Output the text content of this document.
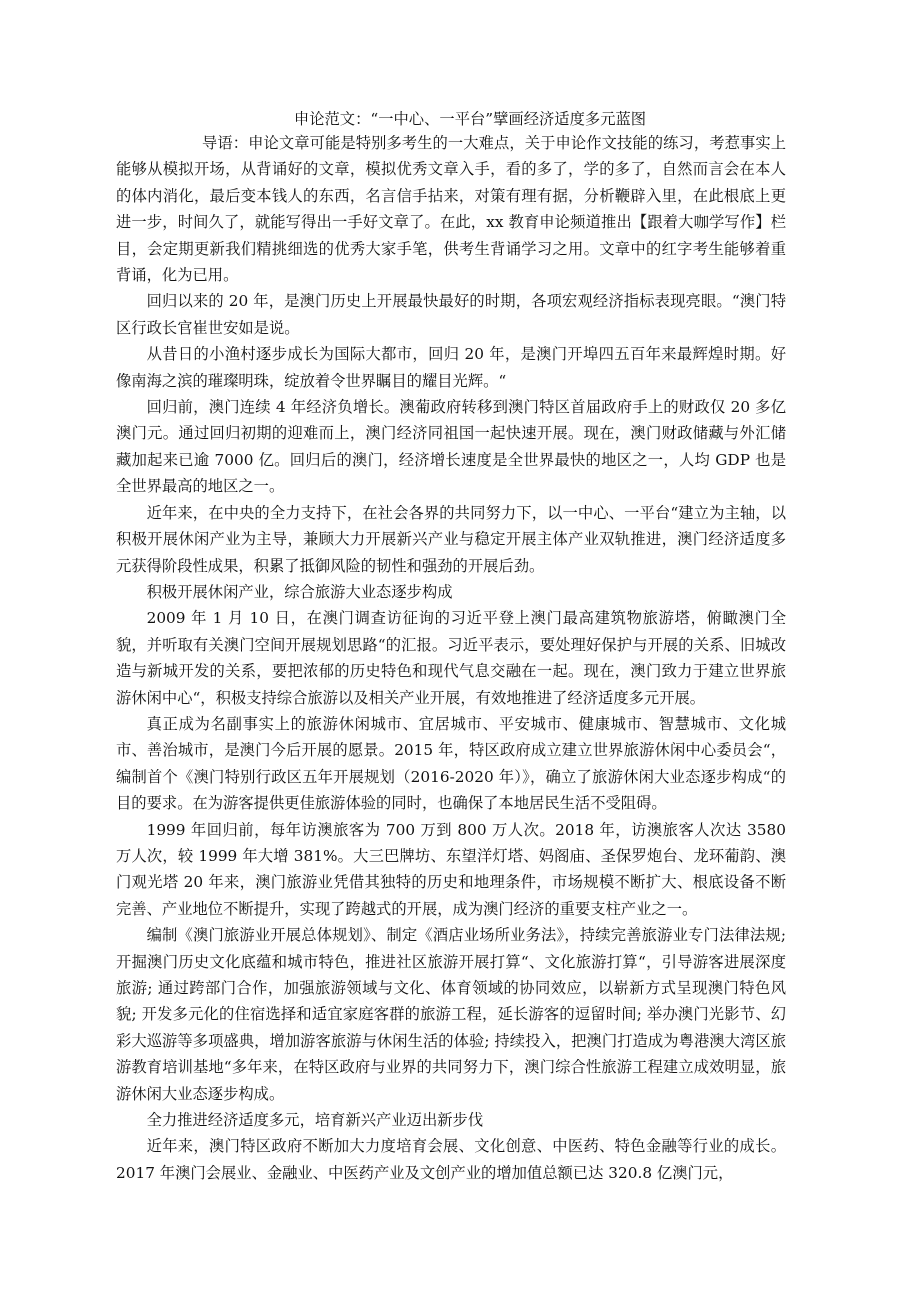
申论范文：“一中心、一平台”擘画经济适度多元蓝图

导语：申论文章可能是特别多考生的一大难点，关于申论作文技能的练习，考惹事实上能够从模拟开场，从背诵好的文章，模拟优秀文章入手，看的多了，学的多了，自然而言会在本人的体内消化，最后变本钱人的东西，名言信手拈来，对策有理有据，分析鞭辟入里，在此根底上更进一步，时间久了，就能写得出一手好文章了。在此，xx 教育申论频道推出【跟着大咖学写作】栏目，会定期更新我们精挑细选的优秀大家手笔，供考生背诵学习之用。文章中的红字考生能够着重背诵，化为已用。

回归以来的 20 年，是澳门历史上开展最快最好的时期，各项宏观经济指标表现亮眼。“澳门特区行政长官崔世安如是说。

从昔日的小渔村逐步成长为国际大都市，回归 20 年，是澳门开埠四五百年来最辉煌时期。好像南海之滨的璀璨明珠，绽放着令世界瞩目的耀目光辉。“

回归前，澳门连续 4 年经济负增长。澳葡政府转移到澳门特区首届政府手上的财政仅 20 多亿澳门元。通过回归初期的迎难而上，澳门经济同祖国一起快速开展。现在，澳门财政储藏与外汇储藏加起来已逾 7000 亿。回归后的澳门，经济增长速度是全世界最快的地区之一，人均 GDP 也是全世界最高的地区之一。

近年来，在中央的全力支持下，在社会各界的共同努力下，以一中心、一平台“建立为主轴，以积极开展休闲产业为主导，兼顾大力开展新兴产业与稳定开展主体产业双轨推进，澳门经济适度多元获得阶段性成果，积累了抵御风险的韧性和强劲的开展后劲。

积极开展休闲产业，综合旅游大业态逐步构成

2009 年 1 月 10 日，在澳门调查访征询的习近平登上澳门最高建筑物旅游塔，俯瞰澳门全貌，并听取有关澳门空间开展规划思路“的汇报。习近平表示，要处理好保护与开展的关系、旧城改造与新城开发的关系，要把浓郁的历史特色和现代气息交融在一起。现在，澳门致力于建立世界旅游休闲中心“，积极支持综合旅游以及相关产业开展，有效地推进了经济适度多元开展。

真正成为名副事实上的旅游休闲城市、宜居城市、平安城市、健康城市、智慧城市、文化城市、善治城市，是澳门今后开展的愿景。2015 年，特区政府成立建立世界旅游休闲中心委员会“，编制首个《澳门特别行政区五年开展规划（2016-2020 年）》，确立了旅游休闲大业态逐步构成“的目的要求。在为游客提供更佳旅游体验的同时，也确保了本地居民生活不受阻碍。

1999 年回归前，每年访澳旅客为 700 万到 800 万人次。2018 年，访澳旅客人次达 3580 万人次，较 1999 年大增 381%。大三巴牌坊、东望洋灯塔、妈阁庙、圣保罗炮台、龙环葡韵、澳门观光塔 20 年来，澳门旅游业凭借其独特的历史和地理条件，市场规模不断扩大、根底设备不断完善、产业地位不断提升，实现了跨越式的开展，成为澳门经济的重要支柱产业之一。

编制《澳门旅游业开展总体规划》、制定《酒店业场所业务法》，持续完善旅游业专门法律法规; 开掘澳门历史文化底蕴和城市特色，推进社区旅游开展打算“、文化旅游打算“，引导游客进展深度旅游; 通过跨部门合作，加强旅游领域与文化、体育领域的协同效应，以崭新方式呈现澳门特色风貌; 开发多元化的住宿选择和适宜家庭客群的旅游工程，延长游客的逗留时间; 举办澳门光影节、幻彩大巡游等多项盛典，增加游客旅游与休闲生活的体验; 持续投入，把澳门打造成为粤港澳大湾区旅游教育培训基地“多年来，在特区政府与业界的共同努力下，澳门综合性旅游工程建立成效明显，旅游休闲大业态逐步构成。

全力推进经济适度多元，培育新兴产业迈出新步伐

近年来，澳门特区政府不断加大力度培育会展、文化创意、中医药、特色金融等行业的成长。2017 年澳门会展业、金融业、中医药产业及文创产业的增加值总额已达 320.8 亿澳门元，
